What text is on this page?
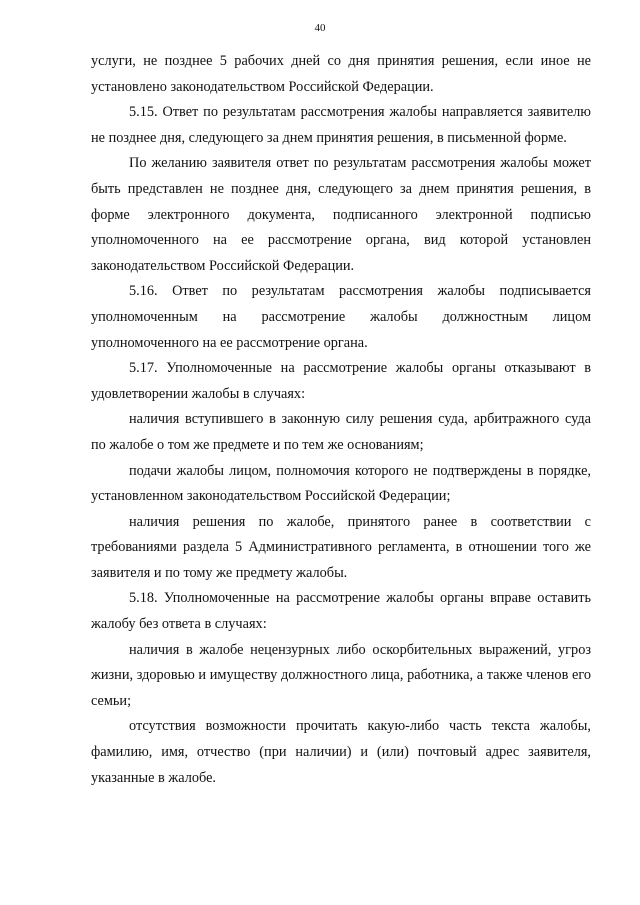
40

услуги, не позднее 5 рабочих дней со дня принятия решения, если иное не установлено законодательством Российской Федерации.

5.15. Ответ по результатам рассмотрения жалобы направляется заявителю не позднее дня, следующего за днем принятия решения, в письменной форме.

По желанию заявителя ответ по результатам рассмотрения жалобы может быть представлен не позднее дня, следующего за днем принятия решения, в форме электронного документа, подписанного электронной подписью уполномоченного на ее рассмотрение органа, вид которой установлен законодательством Российской Федерации.

5.16. Ответ по результатам рассмотрения жалобы подписывается уполномоченным на рассмотрение жалобы должностным лицом уполномоченного на ее рассмотрение органа.

5.17. Уполномоченные на рассмотрение жалобы органы отказывают в удовлетворении жалобы в случаях:

наличия вступившего в законную силу решения суда, арбитражного суда по жалобе о том же предмете и по тем же основаниям;

подачи жалобы лицом, полномочия которого не подтверждены в порядке, установленном законодательством Российской Федерации;

наличия решения по жалобе, принятого ранее в соответствии с требованиями раздела 5 Административного регламента, в отношении того же заявителя и по тому же предмету жалобы.

5.18. Уполномоченные на рассмотрение жалобы органы вправе оставить жалобу без ответа в случаях:

наличия в жалобе нецензурных либо оскорбительных выражений, угроз жизни, здоровью и имуществу должностного лица, работника, а также членов его семьи;

отсутствия возможности прочитать какую-либо часть текста жалобы, фамилию, имя, отчество (при наличии) и (или) почтовый адрес заявителя, указанные в жалобе.
